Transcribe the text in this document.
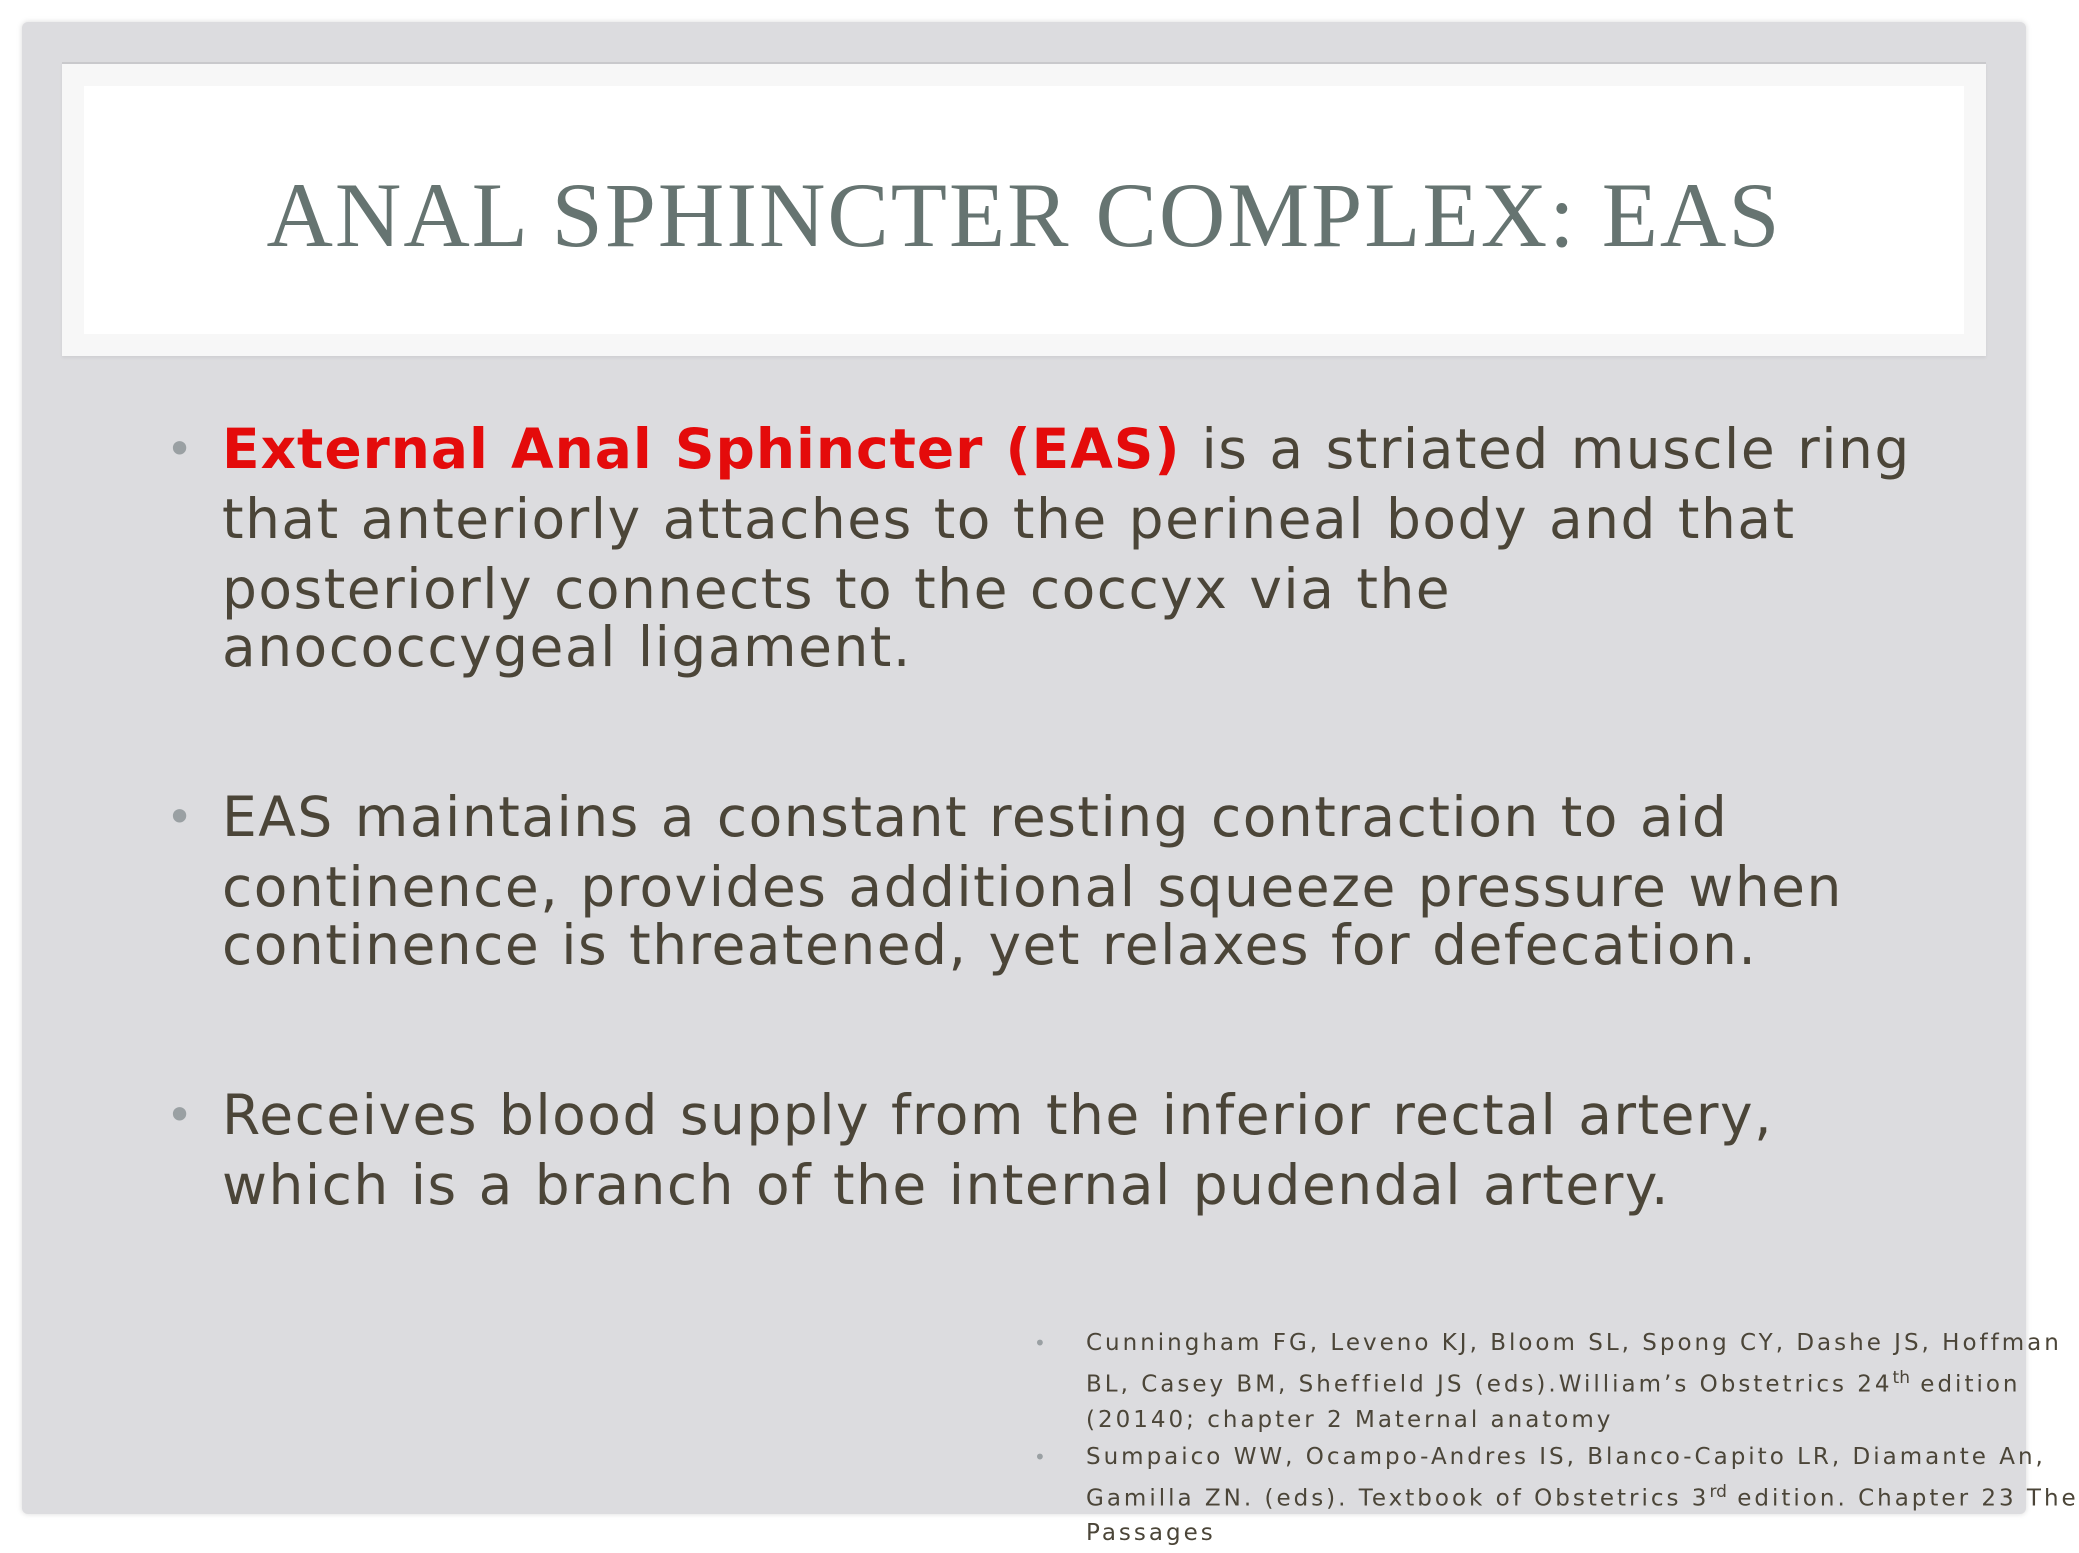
ANAL SPHINCTER COMPLEX: EAS
• External Anal Sphincter (EAS) is a striated muscle ring
that anteriorly attaches to the perineal body and that
posteriorly connects to the coccyx via the
anococcygeal ligament.
• EAS maintains a constant resting contraction to aid
continence, provides additional squeeze pressure when
continence is threatened, yet relaxes for defecation.
• Receives blood supply from the inferior rectal artery,
which is a branch of the internal pudendal artery.
• Cunningham FG, Leveno KJ, Bloom SL, Spong CY, Dashe JS, Hoffman
BL, Casey BM, Sheffield JS (eds).William’s Obstetrics 24th edition
(20140; chapter 2 Maternal anatomy
• Sumpaico WW, Ocampo-Andres IS, Blanco-Capito LR, Diamante An,
Gamilla ZN. (eds). Textbook of Obstetrics 3rd edition. Chapter 23 The
Passages
